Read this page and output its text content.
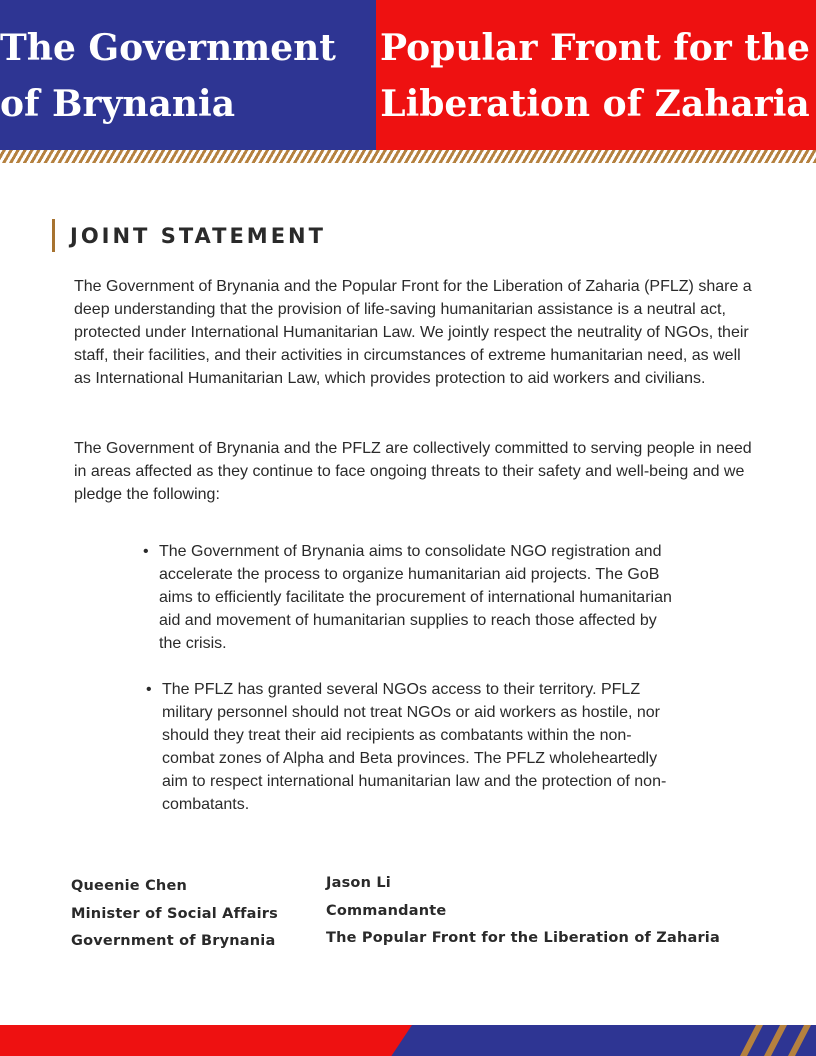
The Government
of Brynania
Popular Front for the
Liberation of Zaharia
JOINT STATEMENT

The Government of Brynania and the Popular Front for the Liberation of Zaharia (PFLZ) share a deep understanding that the provision of life-saving humanitarian assistance is a neutral act, protected under International Humanitarian Law. We jointly respect the neutrality of NGOs, their staff, their facilities, and their activities in circumstances of extreme humanitarian need, as well as International Humanitarian Law, which provides protection to aid workers and civilians.

The Government of Brynania and the PFLZ are collectively committed to serving people in need in areas affected as they continue to face ongoing threats to their safety and well-being and we pledge the following:

• The Government of Brynania aims to consolidate NGO registration and accelerate the process to organize humanitarian aid projects. The GoB aims to efficiently facilitate the procurement of international humanitarian aid and movement of humanitarian supplies to reach those affected by the crisis.
• The PFLZ has granted several NGOs access to their territory. PFLZ military personnel should not treat NGOs or aid workers as hostile, nor should they treat their aid recipients as combatants within the non-combat zones of Alpha and Beta provinces. The PFLZ wholeheartedly aim to respect international humanitarian law and the protection of non-combatants.
Queenie Chen
Minister of Social Affairs
Government of Brynania
Jason Li
Commandante
The Popular Front for the Liberation of Zaharia
